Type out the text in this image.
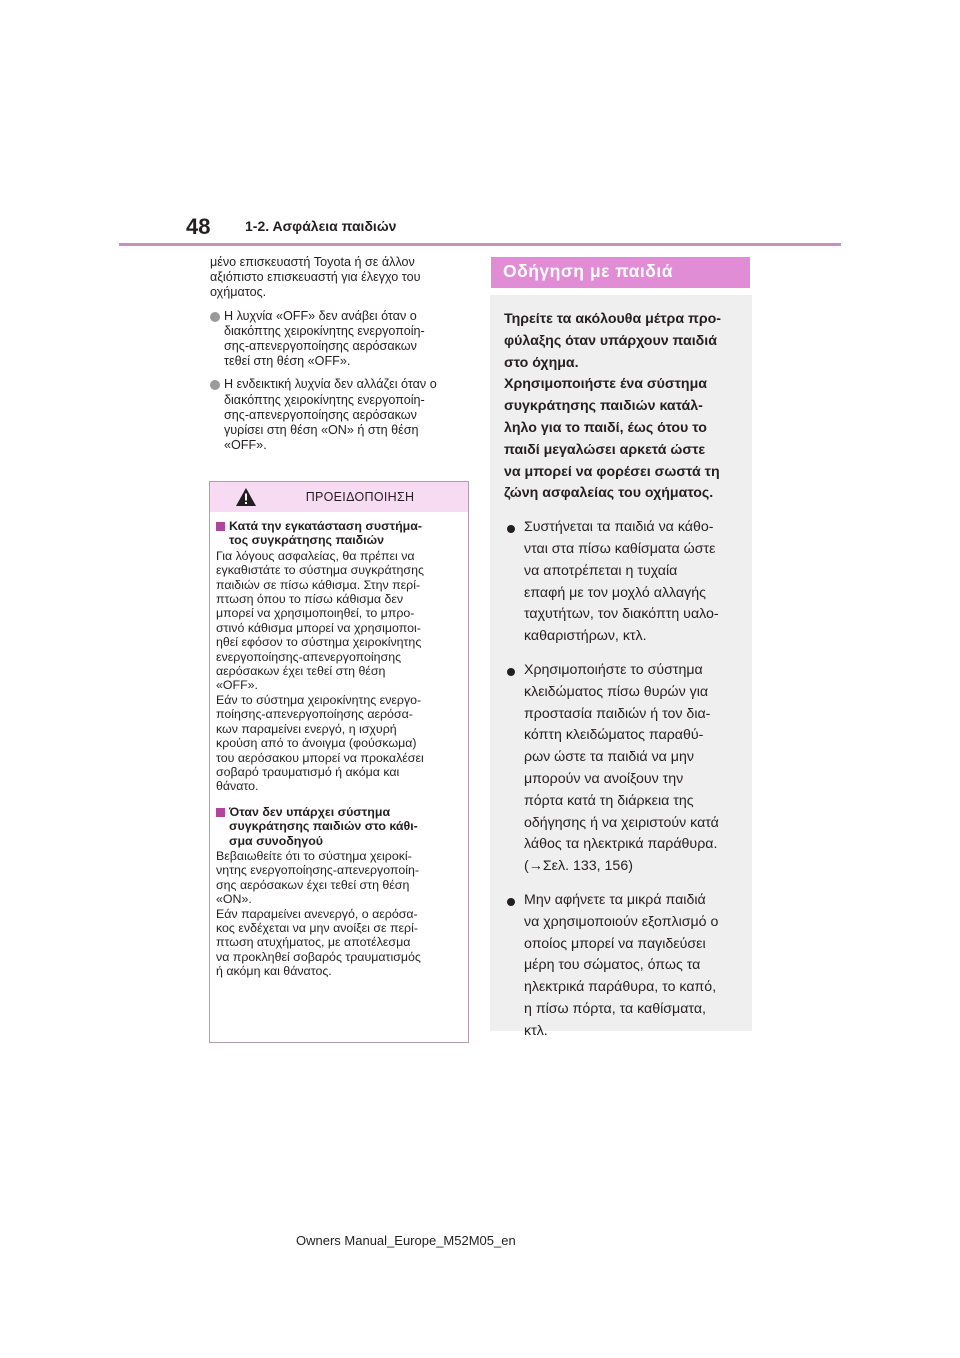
48 1-2. Ασφάλεια παιδιών

μένο επισκευαστή Toyota ή σε άλλον
αξιόπιστο επισκευαστή για έλεγχο του
οχήματος.

Η λυχνία «OFF» δεν ανάβει όταν ο
διακόπτης χειροκίνητης ενεργοποίη-
σης-απενεργοποίησης αερόσακων
τεθεί στη θέση «OFF».
Η ενδεικτική λυχνία δεν αλλάζει όταν ο
διακόπτης χειροκίνητης ενεργοποίη-
σης-απενεργοποίησης αερόσακων
γυρίσει στη θέση «ON» ή στη θέση
«OFF».
ΠΡΟΕΙΔΟΠΟΙΗΣΗ
Κατά την εγκατάσταση συστήμα-
τος συγκράτησης παιδιών
Για λόγους ασφαλείας, θα πρέπει να
εγκαθιστάτε το σύστημα συγκράτησης
παιδιών σε πίσω κάθισμα. Στην περί-
πτωση όπου το πίσω κάθισμα δεν
μπορεί να χρησιμοποιηθεί, το μπρο-
στινό κάθισμα μπορεί να χρησιμοποι-
ηθεί εφόσον το σύστημα χειροκίνητης
ενεργοποίησης-απενεργοποίησης
αερόσακων έχει τεθεί στη θέση
«OFF».
Εάν το σύστημα χειροκίνητης ενεργο-
ποίησης-απενεργοποίησης αερόσα-
κων παραμείνει ενεργό, η ισχυρή
κρούση από το άνοιγμα (φούσκωμα)
του αερόσακου μπορεί να προκαλέσει
σοβαρό τραυματισμό ή ακόμα και
θάνατο.
Όταν δεν υπάρχει σύστημα
συγκράτησης παιδιών στο κάθι-
σμα συνοδηγού
Βεβαιωθείτε ότι το σύστημα χειροκί-
νητης ενεργοποίησης-απενεργοποίη-
σης αερόσακων έχει τεθεί στη θέση
«ON».
Εάν παραμείνει ανενεργό, ο αερόσα-
κος ενδέχεται να μην ανοίξει σε περί-
πτωση ατυχήματος, με αποτέλεσμα
να προκληθεί σοβαρός τραυματισμός
ή ακόμη και θάνατος.
Οδήγηση με παιδιά
Τηρείτε τα ακόλουθα μέτρα προ-
φύλαξης όταν υπάρχουν παιδιά
στο όχημα.
Χρησιμοποιήστε ένα σύστημα
συγκράτησης παιδιών κατάλ-
ληλο για το παιδί, έως ότου το
παιδί μεγαλώσει αρκετά ώστε
να μπορεί να φορέσει σωστά τη
ζώνη ασφαλείας του οχήματος.
Συστήνεται τα παιδιά να κάθο-
νται στα πίσω καθίσματα ώστε
να αποτρέπεται η τυχαία
επαφή με τον μοχλό αλλαγής
ταχυτήτων, τον διακόπτη υαλο-
καθαριστήρων, κτλ.
Χρησιμοποιήστε το σύστημα
κλειδώματος πίσω θυρών για
προστασία παιδιών ή τον δια-
κόπτη κλειδώματος παραθύ-
ρων ώστε τα παιδιά να μην
μπορούν να ανοίξουν την
πόρτα κατά τη διάρκεια της
οδήγησης ή να χειριστούν κατά
λάθος τα ηλεκτρικά παράθυρα.
(→Σελ. 133, 156)
Μην αφήνετε τα μικρά παιδιά
να χρησιμοποιούν εξοπλισμό ο
οποίος μπορεί να παγιδεύσει
μέρη του σώματος, όπως τα
ηλεκτρικά παράθυρα, το καπό,
η πίσω πόρτα, τα καθίσματα,
κτλ.
Owners Manual_Europe_M52M05_en
